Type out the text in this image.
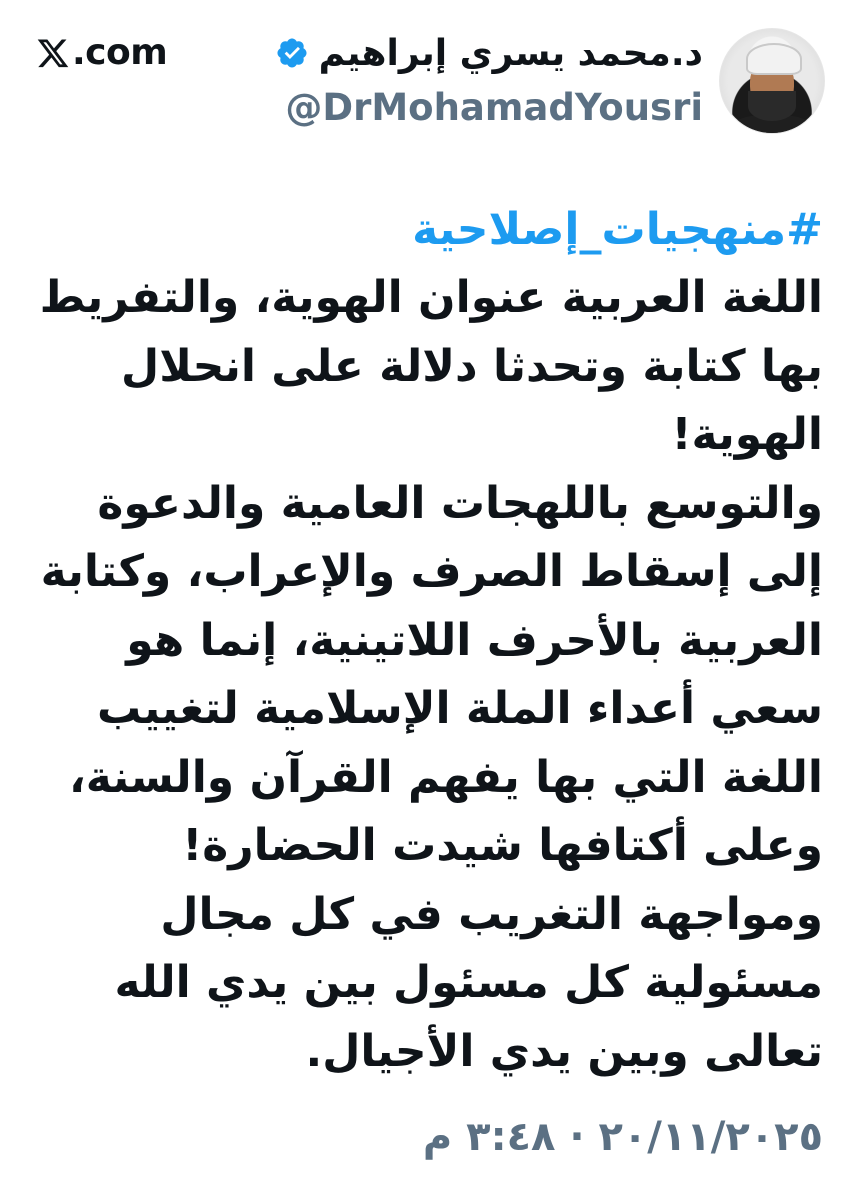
.com	د.محمد يسري إبراهيم
@DrMohamadYousri
#منهجيات_إصلاحية
اللغة العربية عنوان الهوية، والتفريط
بها كتابة وتحدثا دلالة على انحلال
الهوية!
والتوسع باللهجات العامية والدعوة
إلى إسقاط الصرف والإعراب، وكتابة
العربية بالأحرف اللاتينية، إنما هو
سعي أعداء الملة الإسلامية لتغييب
اللغة التي بها يفهم القرآن والسنة،
وعلى أكتافها شيدت الحضارة!
ومواجهة التغريب في كل مجال
مسئولية كل مسئول بين يدي الله
تعالى وبين يدي الأجيال.
٢٠/١١/٢٠٢٥ · ٣:٤٨ م
